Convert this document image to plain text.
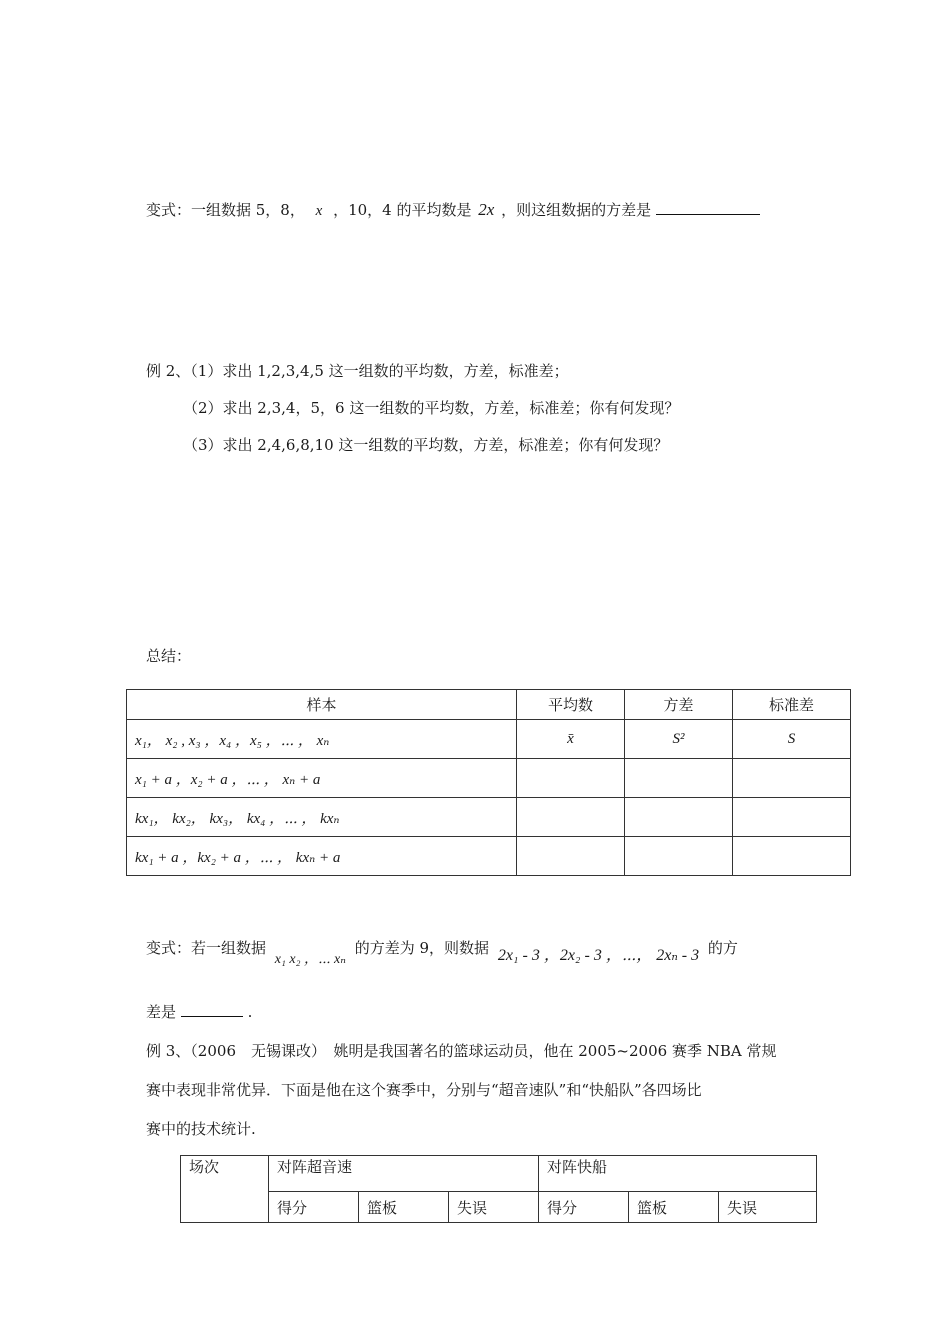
变式：一组数据 5，8， x ，10，4 的平均数是 2x ，则这组数据的方差是
例 2、（1）求出 1,2,3,4,5 这一组数的平均数，方差，标准差；
（2）求出 2,3,4，5，6 这一组数的平均数，方差，标准差；你有何发现？
（3）求出 2,4,6,8,10 这一组数的平均数，方差，标准差；你有何发现？
总结：
样本	平均数	方差	标准差
x₁， x₂ , x₃ ，x₄ ，x₅ ，⋯ ， xₙ	x̄	S²	S
x₁ + a ，x₂ + a ，⋯ ， xₙ + a			
kx₁， kx₂， kx₃， kx₄ ，⋯ ， kxₙ			
kx₁ + a ，kx₂ + a ，⋯ ， kxₙ + a			
变式：若一组数据 x₁ x₂ ，⋯ xₙ 的方差为 9，则数据 2x₁ - 3 ，2x₂ - 3 ，⋯， 2xₙ - 3 的方
差是	.
例 3、（2006　无锡课改）　姚明是我国著名的篮球运动员，他在 2005~2006 赛季 NBA 常规
赛中表现非常优异．下面是他在这个赛季中，分别与“超音速队”和“快船队”各四场比
赛中的技术统计.
场次	对阵超音速			对阵快船		
	得分	篮板	失误	得分	篮板	失误
